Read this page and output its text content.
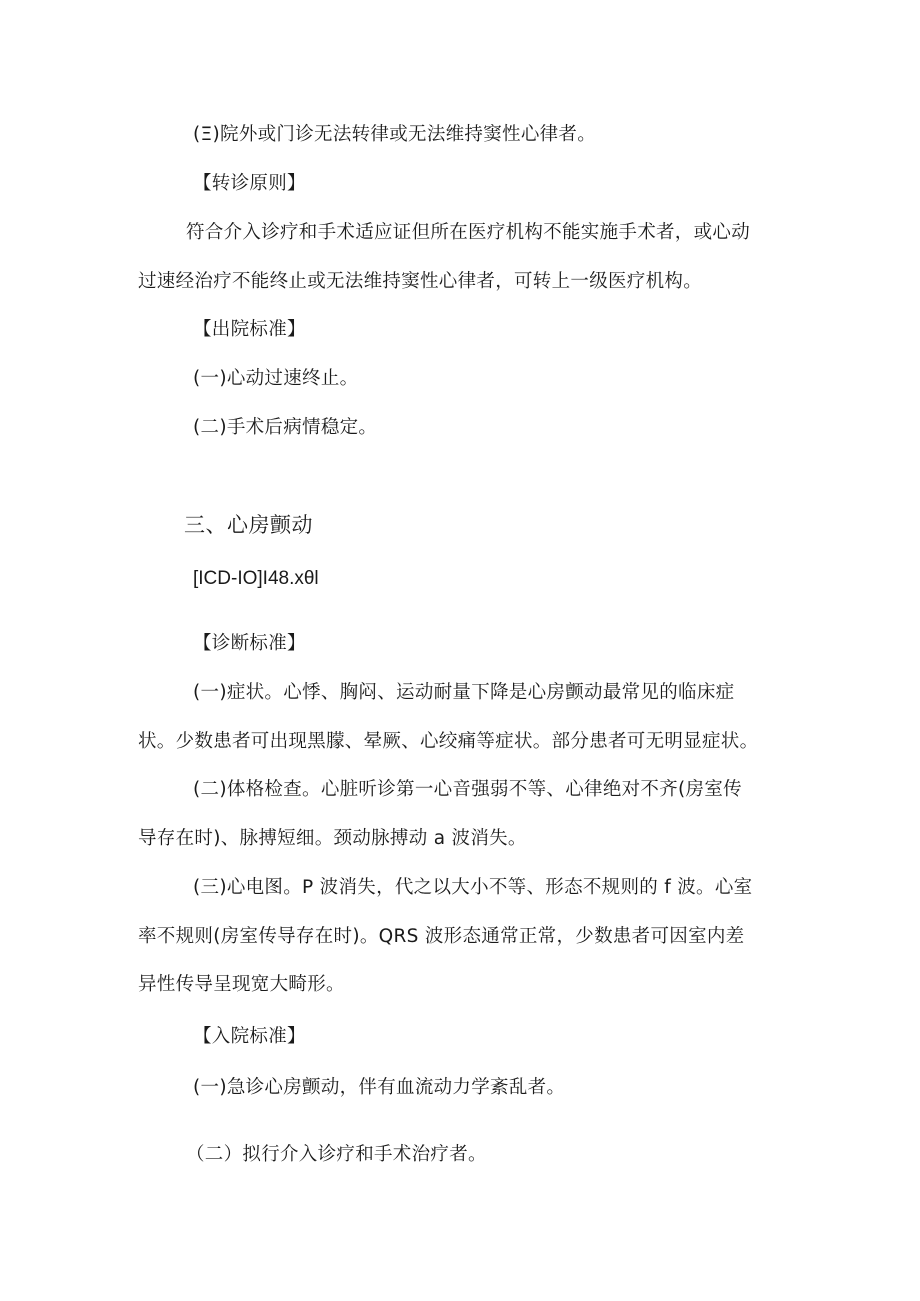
(Ξ)院外或门诊无法转律或无法维持窦性心律者。
【转诊原则】
符合介入诊疗和手术适应证但所在医疗机构不能实施手术者，或心动
过速经治疗不能终止或无法维持窦性心律者，可转上一级医疗机构。
【出院标准】
(一)心动过速终止。
(二)手术后病情稳定。
三、心房颤动
[ICD-IO]I48.xθl
【诊断标准】
(一)症状。心悸、胸闷、运动耐量下降是心房颤动最常见的临床症
状。少数患者可出现黑朦、晕厥、心绞痛等症状。部分患者可无明显症状。
(二)体格检查。心脏听诊第一心音强弱不等、心律绝对不齐(房室传
导存在时)、脉搏短细。颈动脉搏动 a 波消失。
(三)心电图。P 波消失，代之以大小不等、形态不规则的 f 波。心室
率不规则(房室传导存在时)。QRS 波形态通常正常，少数患者可因室内差
异性传导呈现宽大畸形。
【入院标准】
(一)急诊心房颤动，伴有血流动力学紊乱者。
（二）拟行介入诊疗和手术治疗者。
